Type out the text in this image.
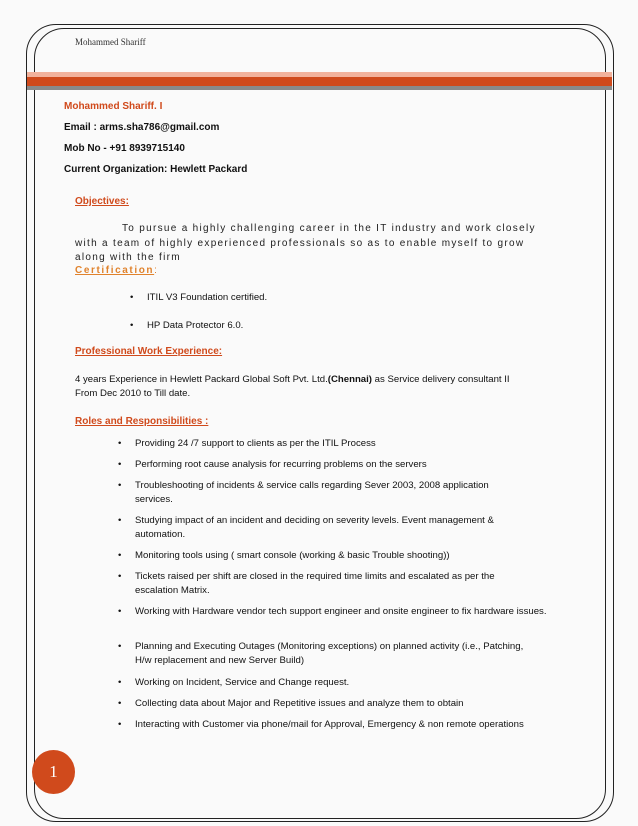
Mohammed Shariff
Mohammed Shariff. I
Email : arms.sha786@gmail.com
Mob No - +91 8939715140
Current Organization: Hewlett Packard
Objectives:
To pursue a highly challenging career in the IT industry and work closely
with a team of highly experienced professionals so as to enable myself to grow
along with the firm
Certification:
• ITIL V3 Foundation certified.
• HP Data Protector 6.0.
Professional Work Experience:
4 years Experience in Hewlett Packard Global Soft Pvt. Ltd.(Chennai) as Service delivery consultant II
From Dec 2010 to Till date.
Roles and Responsibilities :
• Providing 24 /7 support to clients as per the ITIL Process
• Performing root cause analysis for recurring problems on the servers
• Troubleshooting of incidents & service calls regarding Sever 2003, 2008 application services.
• Studying impact of an incident and deciding on severity levels. Event management & automation.
• Monitoring tools using ( smart console (working & basic Trouble shooting))
• Tickets raised per shift are closed in the required time limits and escalated as per the escalation Matrix.
• Working with Hardware vendor tech support engineer and onsite engineer to fix hardware issues.
• Planning and Executing Outages (Monitoring exceptions) on planned activity (i.e., Patching, H/w replacement and new Server Build)
• Working on Incident, Service and Change request.
• Collecting data about Major and Repetitive issues and analyze them to obtain
• Interacting with Customer via phone/mail for Approval, Emergency & non remote operations
1
